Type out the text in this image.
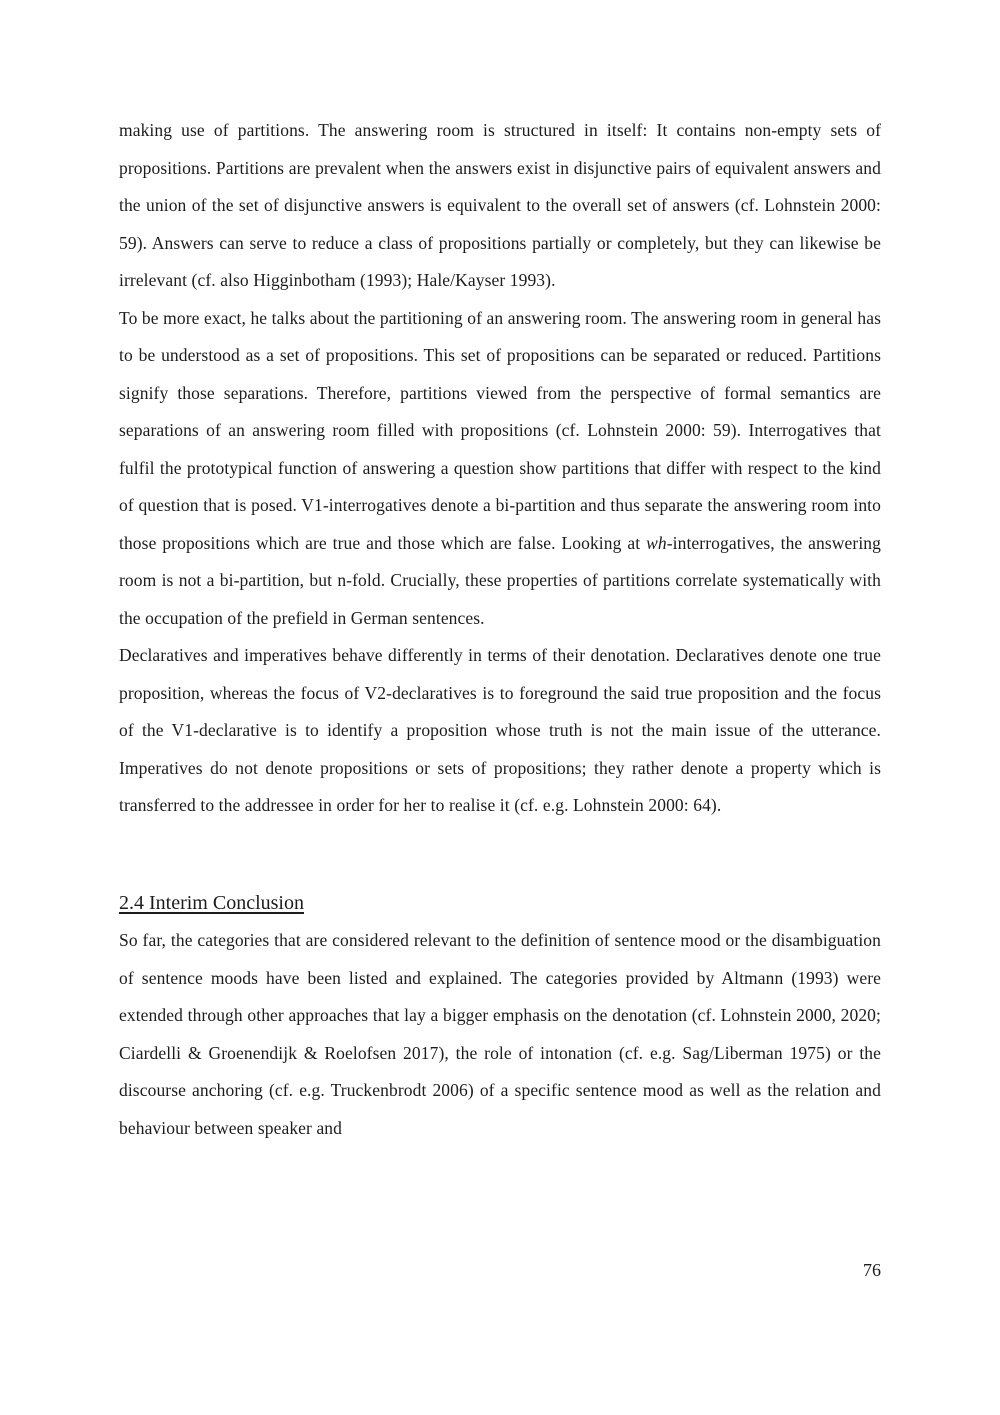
making use of partitions. The answering room is structured in itself: It contains non-empty sets of propositions. Partitions are prevalent when the answers exist in disjunctive pairs of equivalent answers and the union of the set of disjunctive answers is equivalent to the overall set of answers (cf. Lohnstein 2000: 59). Answers can serve to reduce a class of propositions partially or completely, but they can likewise be irrelevant (cf. also Higginbotham (1993); Hale/Kayser 1993).

To be more exact, he talks about the partitioning of an answering room. The answering room in general has to be understood as a set of propositions. This set of propositions can be separated or reduced. Partitions signify those separations. Therefore, partitions viewed from the perspective of formal semantics are separations of an answering room filled with propositions (cf. Lohnstein 2000: 59). Interrogatives that fulfil the prototypical function of answering a question show partitions that differ with respect to the kind of question that is posed. V1-interrogatives denote a bi-partition and thus separate the answering room into those propositions which are true and those which are false. Looking at wh-interrogatives, the answering room is not a bi-partition, but n-fold. Crucially, these properties of partitions correlate systematically with the occupation of the prefield in German sentences.

Declaratives and imperatives behave differently in terms of their denotation. Declaratives denote one true proposition, whereas the focus of V2-declaratives is to foreground the said true proposition and the focus of the V1-declarative is to identify a proposition whose truth is not the main issue of the utterance. Imperatives do not denote propositions or sets of propositions; they rather denote a property which is transferred to the addressee in order for her to realise it (cf. e.g. Lohnstein 2000: 64).

2.4 Interim Conclusion

So far, the categories that are considered relevant to the definition of sentence mood or the disambiguation of sentence moods have been listed and explained. The categories provided by Altmann (1993) were extended through other approaches that lay a bigger emphasis on the denotation (cf. Lohnstein 2000, 2020; Ciardelli & Groenendijk & Roelofsen 2017), the role of intonation (cf. e.g. Sag/Liberman 1975) or the discourse anchoring (cf. e.g. Truckenbrodt 2006) of a specific sentence mood as well as the relation and behaviour between speaker and

76
